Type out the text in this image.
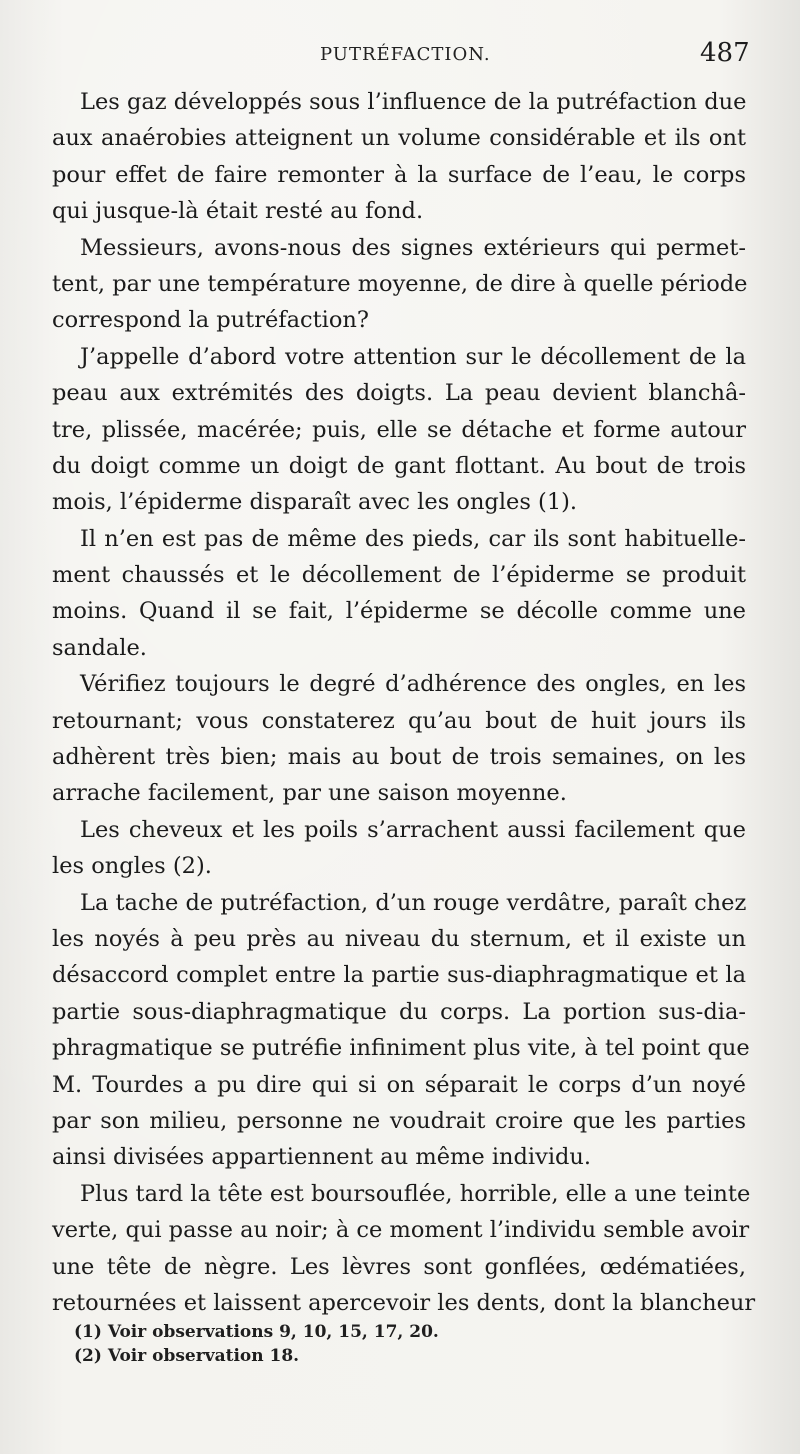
PUTRÉFACTION.	487
Les gaz développés sous l’influence de la putréfaction due
aux anaérobies atteignent un volume considérable et ils ont
pour effet de faire remonter à la surface de l’eau, le corps
qui jusque-là était resté au fond.
Messieurs, avons-nous des signes extérieurs qui permet-
tent, par une température moyenne, de dire à quelle période
correspond la putréfaction?
J’appelle d’abord votre attention sur le décollement de la
peau aux extrémités des doigts. La peau devient blanchâ-
tre, plissée, macérée; puis, elle se détache et forme autour
du doigt comme un doigt de gant flottant. Au bout de trois
mois, l’épiderme disparaît avec les ongles (1).
Il n’en est pas de même des pieds, car ils sont habituelle-
ment chaussés et le décollement de l’épiderme se produit
moins. Quand il se fait, l’épiderme se décolle comme une
sandale.
Vérifiez toujours le degré d’adhérence des ongles, en les
retournant; vous constaterez qu’au bout de huit jours ils
adhèrent très bien; mais au bout de trois semaines, on les
arrache facilement, par une saison moyenne.
Les cheveux et les poils s’arrachent aussi facilement que
les ongles (2).
La tache de putréfaction, d’un rouge verdâtre, paraît chez
les noyés à peu près au niveau du sternum, et il existe un
désaccord complet entre la partie sus-diaphragmatique et la
partie sous-diaphragmatique du corps. La portion sus-dia-
phragmatique se putréfie infiniment plus vite, à tel point que
M. Tourdes a pu dire qui si on séparait le corps d’un noyé
par son milieu, personne ne voudrait croire que les parties
ainsi divisées appartiennent au même individu.
Plus tard la tête est boursouflée, horrible, elle a une teinte
verte, qui passe au noir; à ce moment l’individu semble avoir
une tête de nègre. Les lèvres sont gonflées, œdématiées,
retournées et laissent apercevoir les dents, dont la blancheur
(1) Voir observations 9, 10, 15, 17, 20.
(2) Voir observation 18.
